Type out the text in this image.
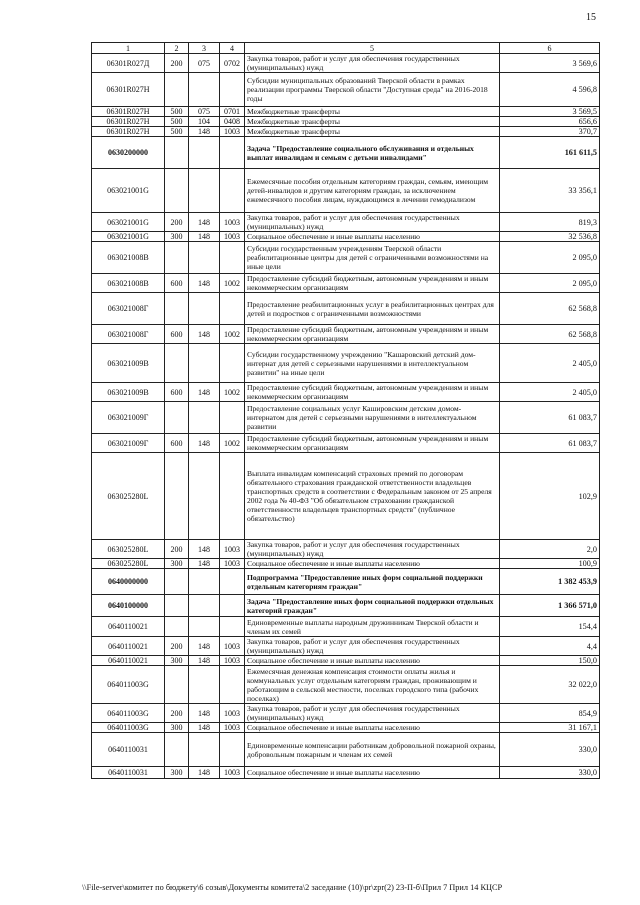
15
1	2	3	4	5	6
06301R027Д	200	075	0702	Закупка товаров, работ и услуг для обеспечения государственных (муниципальных) нужд	3 569,6
06301R027H				Субсидии муниципальных образований Тверской области в рамках реализации программы Тверской области "Доступная среда" на 2016-2018 годы	4 596,8
06301R027H	500	075	0701	Межбюджетные трансферты	3 569,5
06301R027H	500	104	0408	Межбюджетные трансферты	656,6
06301R027H	500	148	1003	Межбюджетные трансферты	370,7
0630200000				Задача "Предоставление социального обслуживания и отдельных выплат инвалидам и семьям с детьми инвалидами"	161 611,5
063021001G				Ежемесячные пособия отдельным категориям граждан, семьям, имеющим детей-инвалидов и другим категориям граждан, за исключением ежемесячного пособия лицам, нуждающимся в лечении гемодиализом	33 356,1
063021001G	200	148	1003	Закупка товаров, работ и услуг для обеспечения государственных (муниципальных) нужд	819,3
063021001G	300	148	1003	Социальное обеспечение и иные выплаты населению	32 536,8
063021008B				Субсидии государственным учреждениям Тверской области реабилитационные центры для детей с ограниченными возможностями на иные цели	2 095,0
063021008B	600	148	1002	Предоставление субсидий бюджетным, автономным учреждениям и иным некоммерческим организациям	2 095,0
063021008Г				Предоставление реабилитационных услуг в реабилитационных центрах для детей и подростков с ограниченными возможностями	62 568,8
063021008Г	600	148	1002	Предоставление субсидий бюджетным, автономным учреждениям и иным некоммерческим организациям	62 568,8
063021009B				Субсидии государственному учреждению "Кашаровский детский дом-интернат для детей с серьезными нарушениями в интеллектуальном развитии" на иные цели	2 405,0
063021009B	600	148	1002	Предоставление субсидий бюджетным, автономным учреждениям и иным некоммерческим организациям	2 405,0
063021009Г				Предоставление социальных услуг Кашировским детским домом-интернатом для детей с серьезными нарушениями в интеллектуальном развитии	61 083,7
063021009Г	600	148	1002	Предоставление субсидий бюджетным, автономным учреждениям и иным некоммерческим организациям	61 083,7
063025280L				Выплата инвалидам компенсаций страховых премий по договорам обязательного страхования гражданской ответственности владельцев транспортных средств в соответствии с Федеральным законом от 25 апреля 2002 года № 40-ФЗ "Об обязательном страховании гражданской ответственности владельцев транспортных средств" (публичное обязательство)	102,9
063025280L	200	148	1003	Закупка товаров, работ и услуг для обеспечения государственных (муниципальных) нужд	2,0
063025280L	300	148	1003	Социальное обеспечение и иные выплаты населению	100,9
0640000000				Подпрограмма "Предоставление иных форм социальной поддержки отдельным категориям граждан"	1 382 453,9
0640100000				Задача "Предоставление иных форм социальной поддержки отдельных категорий граждан"	1 366 571,0
0640110021				Единовременные выплаты народным дружинникам Тверской области и членам их семей	154,4
0640110021	200	148	1003	Закупка товаров, работ и услуг для обеспечения государственных (муниципальных) нужд	4,4
0640110021	300	148	1003	Социальное обеспечение и иные выплаты населению	150,0
064011003G				Ежемесячная денежная компенсация стоимости оплаты жилья и коммунальных услуг отдельным категориям граждан, проживающим и работающим в сельской местности, поселках городского типа (рабочих поселках)	32 022,0
064011003G	200	148	1003	Закупка товаров, работ и услуг для обеспечения государственных (муниципальных) нужд	854,9
064011003G	300	148	1003	Социальное обеспечение и иные выплаты населению	31 167,1
0640110031				Единовременные компенсации работникам добровольной пожарной охраны, добровольным пожарным и членам их семей	330,0
0640110031	300	148	1003	Социальное обеспечение и иные выплаты населению	330,0
\\File-server\комитет по бюджету\6 созыв\Документы комитета\2 заседание (10)\pr\zpr(2) 23-П-б\Прил 7 Прил 14 КЦСР
